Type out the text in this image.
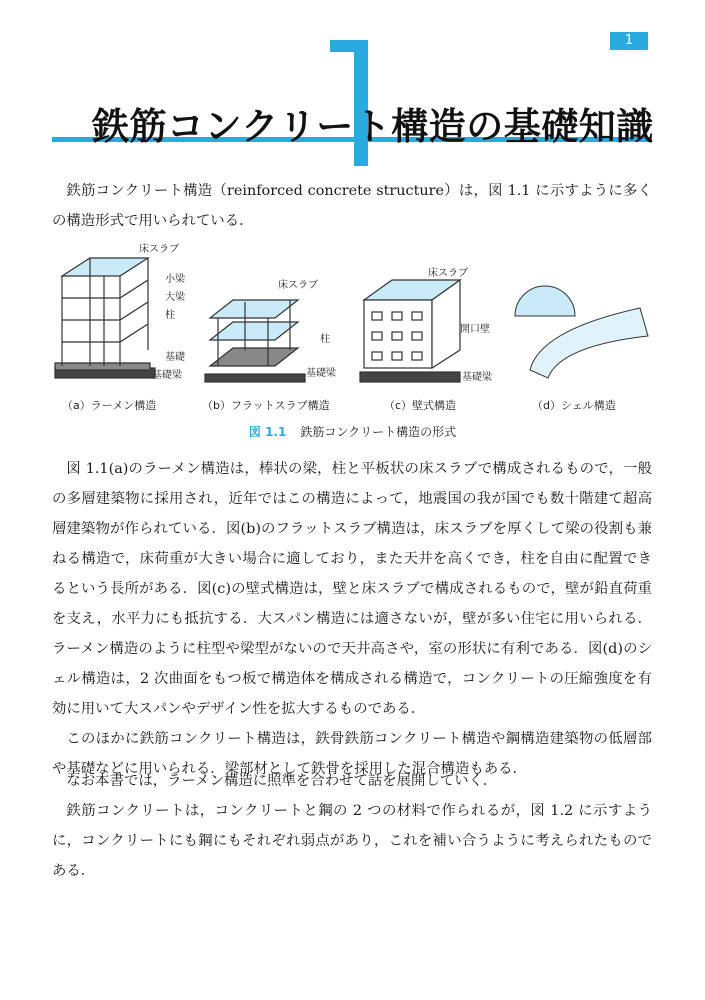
1
鉄筋コンクリート構造の基礎知識

鉄筋コンクリート構造（reinforced concrete structure）は，図 1.1 に示すように多くの構造形式で用いられている．

床スラブ
小梁
大梁
柱
基礎
基礎梁
床スラブ
柱
基礎梁
床スラブ
開口壁
基礎梁
（a）ラーメン構造	（b）フラットスラブ構造	（c）壁式構造	（d）シェル構造
図 1.1 鉄筋コンクリート構造の形式

図 1.1(a)のラーメン構造は，棒状の梁，柱と平板状の床スラブで構成されるもので，一般の多層建築物に採用され，近年ではこの構造によって，地震国の我が国でも数十階建て超高層建築物が作られている．図(b)のフラットスラブ構造は，床スラブを厚くして梁の役割も兼ねる構造で，床荷重が大きい場合に適しており，また天井を高くでき，柱を自由に配置できるという長所がある．図(c)の壁式構造は，壁と床スラブで構成されるもので，壁が鉛直荷重を支え，水平力にも抵抗する．大スパン構造には適さないが，壁が多い住宅に用いられる．ラーメン構造のように柱型や梁型がないので天井高さや，室の形状に有利である．図(d)のシェル構造は，2 次曲面をもつ板で構造体を構成される構造で，コンクリートの圧縮強度を有効に用いて大スパンやデザイン性を拡大するものである．

このほかに鉄筋コンクリート構造は，鉄骨鉄筋コンクリート構造や鋼構造建築物の低層部や基礎などに用いられる．梁部材として鉄骨を採用した混合構造もある．

なお本書では，ラーメン構造に照準を合わせて話を展開していく．

鉄筋コンクリートは，コンクリートと鋼の 2 つの材料で作られるが，図 1.2 に示すように，コンクリートにも鋼にもそれぞれ弱点があり，これを補い合うように考えられたものである．
